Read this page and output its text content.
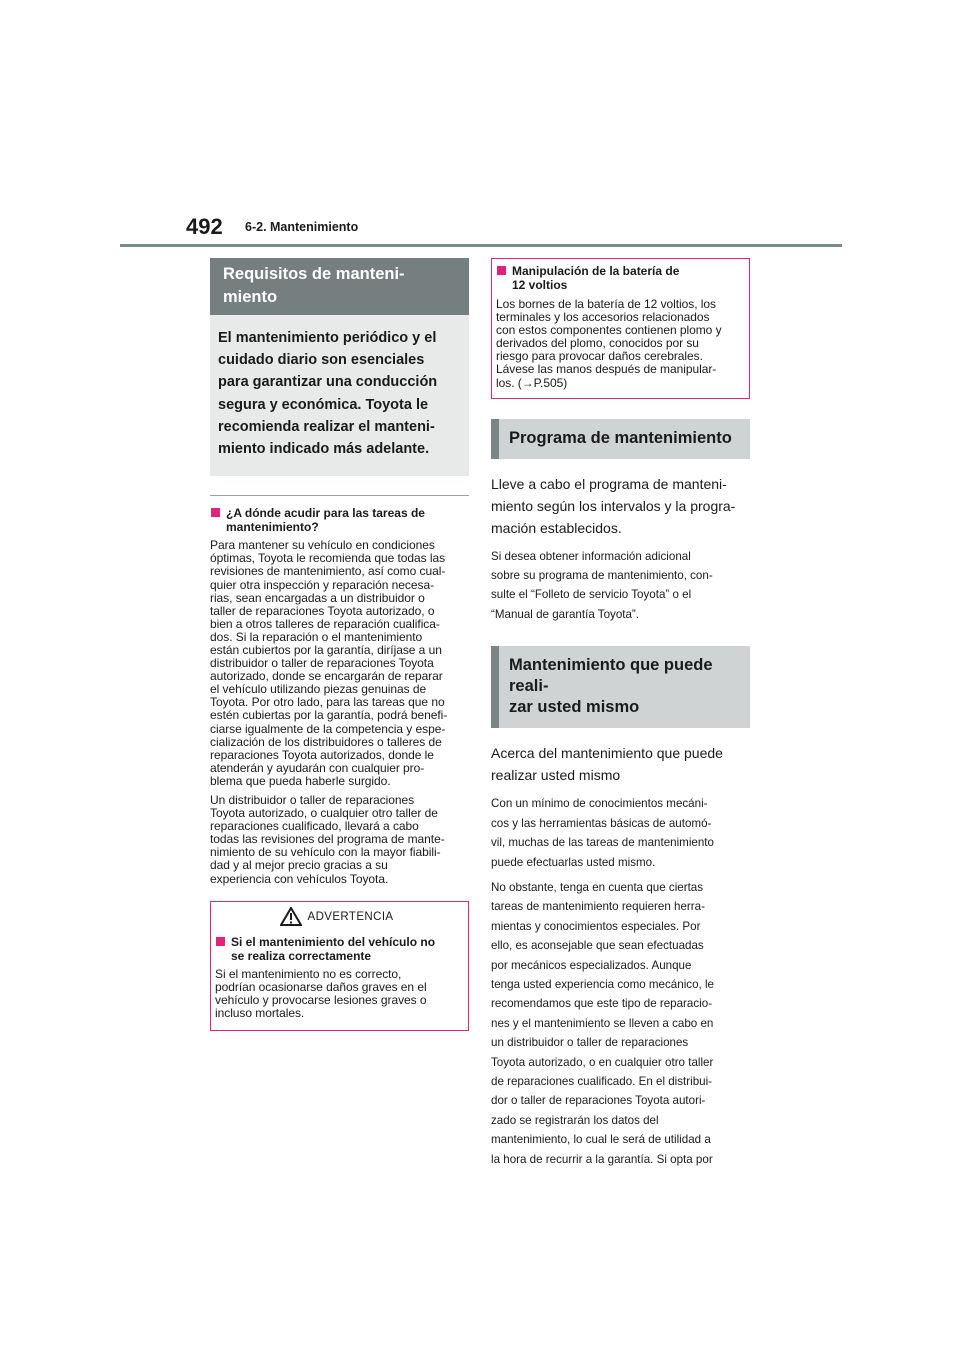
492 6-2. Mantenimiento
Requisitos de manteni-
miento
El mantenimiento periódico y el
cuidado diario son esenciales
para garantizar una conducción
segura y económica. Toyota le
recomienda realizar el manteni-
miento indicado más adelante.
¿A dónde acudir para las tareas de
mantenimiento?
Para mantener su vehículo en condiciones
óptimas, Toyota le recomienda que todas las
revisiones de mantenimiento, así como cual-
quier otra inspección y reparación necesa-
rias, sean encargadas a un distribuidor o
taller de reparaciones Toyota autorizado, o
bien a otros talleres de reparación cualifica-
dos. Si la reparación o el mantenimiento
están cubiertos por la garantía, diríjase a un
distribuidor o taller de reparaciones Toyota
autorizado, donde se encargarán de reparar
el vehículo utilizando piezas genuinas de
Toyota. Por otro lado, para las tareas que no
estén cubiertas por la garantía, podrá benefi-
ciarse igualmente de la competencia y espe-
cialización de los distribuidores o talleres de
reparaciones Toyota autorizados, donde le
atenderán y ayudarán con cualquier pro-
blema que pueda haberle surgido.
Un distribuidor o taller de reparaciones
Toyota autorizado, o cualquier otro taller de
reparaciones cualificado, llevará a cabo
todas las revisiones del programa de mante-
nimiento de su vehículo con la mayor fiabili-
dad y al mejor precio gracias a su
experiencia con vehículos Toyota.
ADVERTENCIA
Si el mantenimiento del vehículo no
se realiza correctamente
Si el mantenimiento no es correcto,
podrían ocasionarse daños graves en el
vehículo y provocarse lesiones graves o
incluso mortales.
Manipulación de la batería de
12 voltios
Los bornes de la batería de 12 voltios, los
terminales y los accesorios relacionados
con estos componentes contienen plomo y
derivados del plomo, conocidos por su
riesgo para provocar daños cerebrales.
Lávese las manos después de manipular-
los. (→P.505)
Programa de mantenimiento
Lleve a cabo el programa de manteni-
miento según los intervalos y la progra-
mación establecidos.
Si desea obtener información adicional
sobre su programa de mantenimiento, con-
sulte el “Folleto de servicio Toyota” o el
“Manual de garantía Toyota”.
Mantenimiento que puede reali-
zar usted mismo
Acerca del mantenimiento que puede
realizar usted mismo
Con un mínimo de conocimientos mecáni-
cos y las herramientas básicas de automó-
vil, muchas de las tareas de mantenimiento
puede efectuarlas usted mismo.
No obstante, tenga en cuenta que ciertas
tareas de mantenimiento requieren herra-
mientas y conocimientos especiales. Por
ello, es aconsejable que sean efectuadas
por mecánicos especializados. Aunque
tenga usted experiencia como mecánico, le
recomendamos que este tipo de reparacio-
nes y el mantenimiento se lleven a cabo en
un distribuidor o taller de reparaciones
Toyota autorizado, o en cualquier otro taller
de reparaciones cualificado. En el distribui-
dor o taller de reparaciones Toyota autori-
zado se registrarán los datos del
mantenimiento, lo cual le será de utilidad a
la hora de recurrir a la garantía. Si opta por
